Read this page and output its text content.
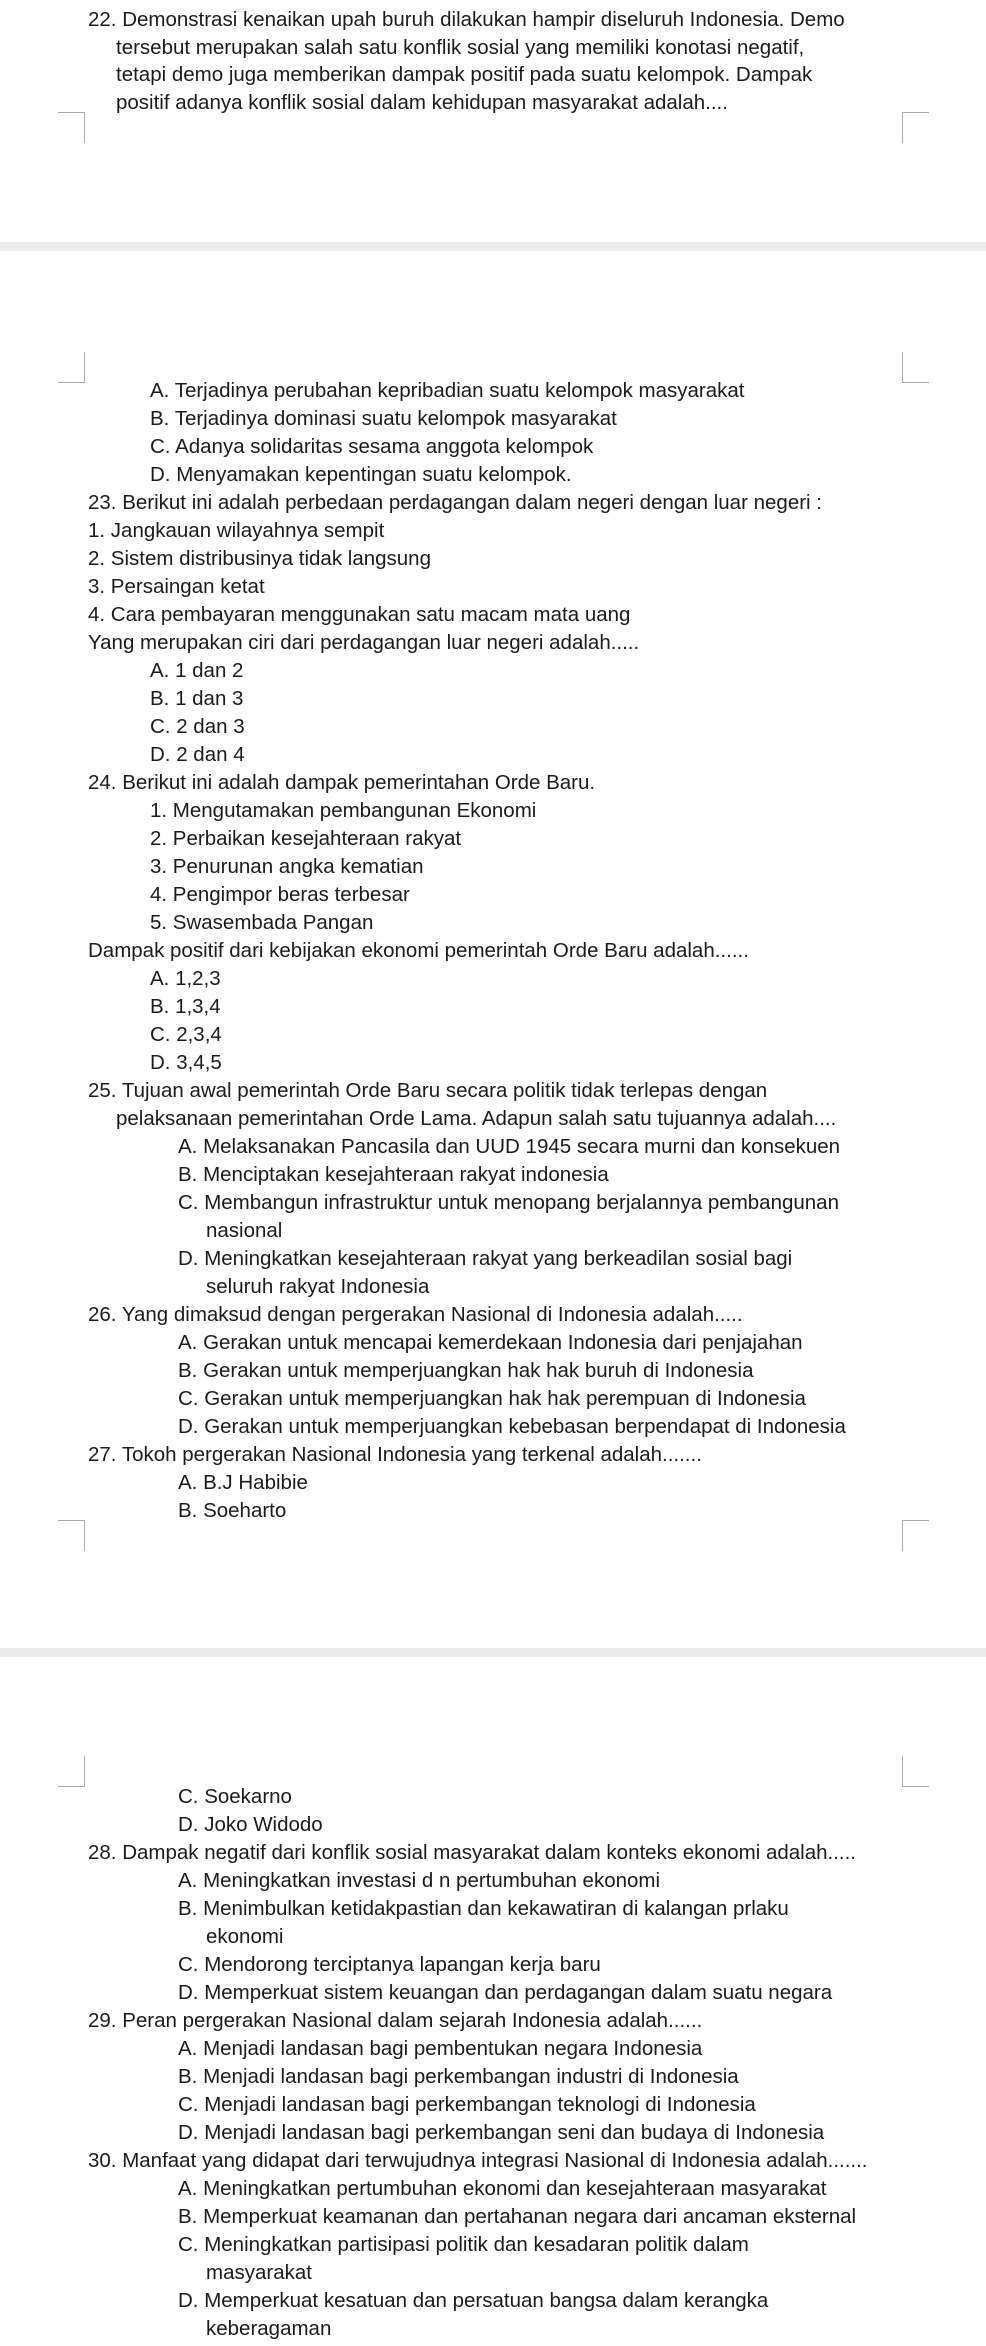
22. Demonstrasi kenaikan upah buruh dilakukan hampir diseluruh Indonesia. Demo
tersebut merupakan salah satu konflik sosial yang memiliki konotasi negatif,
tetapi demo juga memberikan dampak positif pada suatu kelompok. Dampak
positif adanya konflik sosial dalam kehidupan masyarakat adalah....
A. Terjadinya perubahan kepribadian suatu kelompok masyarakat
B. Terjadinya dominasi suatu kelompok masyarakat
C. Adanya solidaritas sesama anggota kelompok
D. Menyamakan kepentingan suatu kelompok.
23. Berikut ini adalah perbedaan perdagangan dalam negeri dengan luar negeri :
1. Jangkauan wilayahnya sempit
2. Sistem distribusinya tidak langsung
3. Persaingan ketat
4. Cara pembayaran menggunakan satu macam mata uang
Yang merupakan ciri dari perdagangan luar negeri adalah.....
A. 1 dan 2
B. 1 dan 3
C. 2 dan 3
D. 2 dan 4
24. Berikut ini adalah dampak pemerintahan Orde Baru.
1. Mengutamakan pembangunan Ekonomi
2. Perbaikan kesejahteraan rakyat
3. Penurunan angka kematian
4. Pengimpor beras terbesar
5. Swasembada Pangan
Dampak positif dari kebijakan ekonomi pemerintah Orde Baru adalah......
A. 1,2,3
B. 1,3,4
C. 2,3,4
D. 3,4,5
25. Tujuan awal pemerintah Orde Baru secara politik tidak terlepas dengan
pelaksanaan pemerintahan Orde Lama. Adapun salah satu tujuannya adalah....
A. Melaksanakan Pancasila dan UUD 1945 secara murni dan konsekuen
B. Menciptakan kesejahteraan rakyat indonesia
C. Membangun infrastruktur untuk menopang berjalannya pembangunan
nasional
D. Meningkatkan kesejahteraan rakyat yang berkeadilan sosial bagi
seluruh rakyat Indonesia
26. Yang dimaksud dengan pergerakan Nasional di Indonesia adalah.....
A. Gerakan untuk mencapai kemerdekaan Indonesia dari penjajahan
B. Gerakan untuk memperjuangkan hak hak buruh di Indonesia
C. Gerakan untuk memperjuangkan hak hak perempuan di Indonesia
D. Gerakan untuk memperjuangkan kebebasan berpendapat di Indonesia
27. Tokoh pergerakan Nasional Indonesia yang terkenal adalah.......
A. B.J Habibie
B. Soeharto
C. Soekarno
D. Joko Widodo
28. Dampak negatif dari konflik sosial masyarakat dalam konteks ekonomi adalah.....
A. Meningkatkan investasi d n pertumbuhan ekonomi
B. Menimbulkan ketidakpastian dan kekawatiran di kalangan prlaku
ekonomi
C. Mendorong terciptanya lapangan kerja baru
D. Memperkuat sistem keuangan dan perdagangan dalam suatu negara
29. Peran pergerakan Nasional dalam sejarah Indonesia adalah......
A. Menjadi landasan bagi pembentukan negara Indonesia
B. Menjadi landasan bagi perkembangan industri di Indonesia
C. Menjadi landasan bagi perkembangan teknologi di Indonesia
D. Menjadi landasan bagi perkembangan seni dan budaya di Indonesia
30. Manfaat yang didapat dari terwujudnya integrasi Nasional di Indonesia adalah.......
A. Meningkatkan pertumbuhan ekonomi dan kesejahteraan masyarakat
B. Memperkuat keamanan dan pertahanan negara dari ancaman eksternal
C. Meningkatkan partisipasi politik dan kesadaran politik dalam
masyarakat
D. Memperkuat kesatuan dan persatuan bangsa dalam kerangka
keberagaman
